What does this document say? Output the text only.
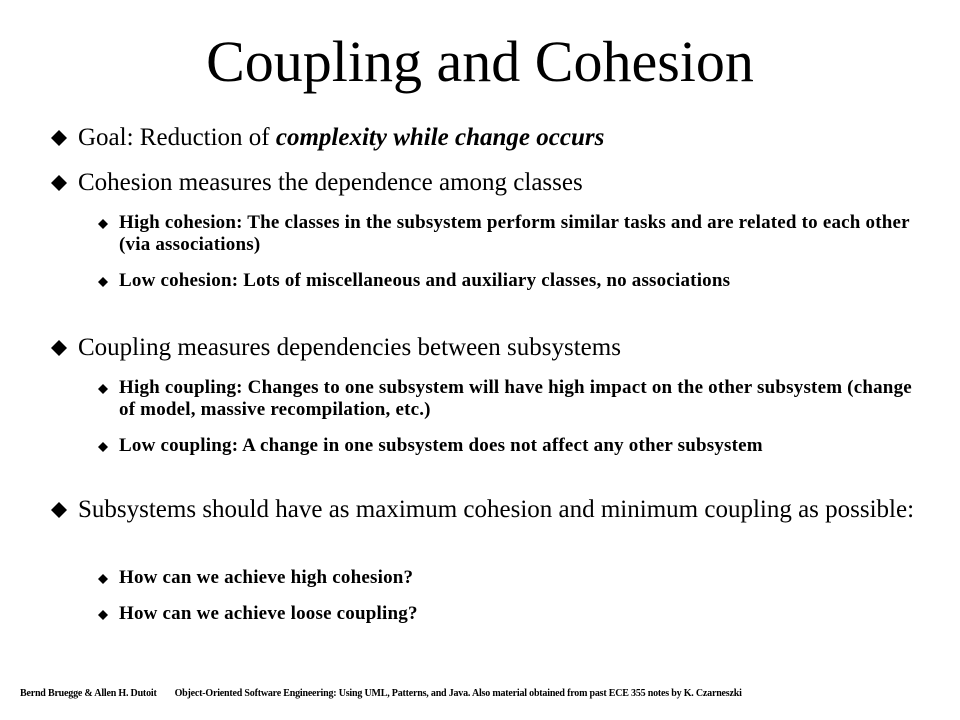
Coupling and Cohesion
Goal: Reduction of complexity while change occurs
Cohesion measures the dependence among classes
High cohesion: The classes in the subsystem perform similar tasks and are related to each other (via associations)
Low cohesion: Lots of miscellaneous and auxiliary classes, no associations
Coupling measures dependencies between subsystems
High coupling: Changes to one subsystem will have high impact on the other subsystem (change of model, massive recompilation, etc.)
Low coupling: A change in one subsystem does not affect any other subsystem
Subsystems should have as maximum cohesion and minimum coupling as possible:
How can we achieve high cohesion?
How can we achieve loose coupling?
Bernd Bruegge & Allen H. Dutoit Object-Oriented Software Engineering: Using UML, Patterns, and Java. Also material obtained from past ECE 355 notes by K. Czarneszki
